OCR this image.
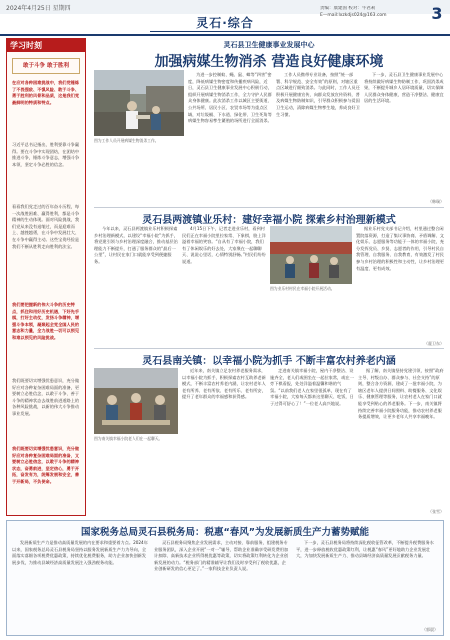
2024年4月25日 星期四
灵石·综合
责编：康建国 校对：牛君莉
E—mail:lxzkdjs024@163.com	3
学习时刻
敢于斗争 敢于胜利
在应对各种困难挑战中，我们党锤炼了不畏强敌、不惧风险、敢于斗争、勇于胜利的风骨和品质，这是我们党最鲜明的特质和特点。
习近平总书记指出，胜利要靠斗争赢得。要在斗争中实现团结，在团结中推进斗争，锤炼斗争意志，增强斗争本领，坚定斗争必胜的信念。
看看我们党走过的百年奋斗历程，每一次战胜困难、赢得胜利，都是斗争精神的生动体现。面对风险挑战，我们党从来没有退缩过，而是迎难而上、越挫越勇，在斗争中发展壮大、在斗争中赢得主动。这些宝贵经验是我们不断从胜利走向胜利的法宝。
我们要把握新的伟大斗争的历史特点，抓住和用好历史机遇，下好先手棋，打好主动仗，发扬斗争精神，增强斗争本领，凝聚起全党全国人民的意志和力量，全力战胜一切可以预见和难以预见的风险挑战。
我们既要切实增强忧患意识，充分做好应对各种复杂困难局面的准备，更要树立必胜信念，以敢于斗争、善于斗争的精神状态去战胜前进道路上的各种风险挑战，以新的伟大斗争推动事业发展。
我们既要切实增强忧患意识，充分做好应对各种复杂困难局面的准备，又要树立必胜信念，以敢于斗争的精神状态，奋勇前进，坚定信心，勇于开拓，奋发有为，统筹发展和安全，善于开新局，不负使命。
灵石县卫生健康事业发展中心
加强病媒生物消杀 营造良好健康环境
图为工作人员开展病媒生物消杀工作。
为进一步控制蚊、蝇、鼠、蟑等“四害”密度，降低病媒生物密度和传播疾病风险，近日，灵石县卫生健康事业发展中心积极行动，组织开展病媒生物消杀工作，全力守护人民群众身体健康。此次消杀工作以城区主要街道、公共场所、居民小区、农贸市场等为重点区域，对垃圾桶、下水道、绿化带、卫生死角等病媒生物容易孳生繁殖的场所进行全面消杀。
工作人员携带专业设备，按照“统一部署、科学规范、安全有效”的原则，对辖区重点区域进行细致消杀。与此同时，工作人员还积极开展健康宣传，向群众发放宣传资料，普及病媒生物防制知识，引导群众积极参与爱国卫生运动，清除病媒生物孳生地，养成良好卫生习惯。
下一步，灵石县卫生健康事业发展中心将持续做好病媒生物防制工作，巩固消杀成果，不断提升城乡人居环境质量，切实保障人民群众身体健康，营造干净整洁、健康宜居的生活环境。
（韩瑞）
灵石县两渡镇业乐村：建好幸福小院 探索乡村治理新模式
今年以来，灵石县两渡镇业乐村积极探索乡村治理新模式，以建设“幸福小院”为抓手，将党建引领与乡村治理深度融合，推动基层治理能力不断提升，打通了服务群众的“最后一公里”，让村民在家门口就能享受到便捷服务。
4月15日下午，记者走进业乐村，看到村民们正在幸福小院里拉家常、下象棋，脸上洋溢着幸福的笑容。“自从有了幸福小院，我们有了休闲娱乐的好去处，大家聚在一起聊聊天、说说心里话，心情特别舒畅。”村民们纷纷说道。
图为业乐村村民在幸福小院开展活动。
据业乐村党支部书记介绍，村里通过整合闲置院落资源，打造了集议事协商、矛盾调解、文化娱乐、志愿服务等功能于一体的幸福小院，充分发挥党员、乡贤、志愿者的作用，引导村民自我管理、自我服务、自我教育，有效激发了村民参与乡村治理的积极性和主动性，让乡村治理更有温度、更有成效。
（霍卫东）
灵石县南关镇：以幸福小院为抓手 不断丰富农村养老内涵
图为南关镇幸福小院老人们在一起聊天。
近年来，南关镇立足农村养老服务需求，以幸福小院为抓手，积极探索农村互助养老新模式，不断丰富农村养老内涵，让农村老年人老有所养、老有所依、老有所乐、老有所安，提升了老年群众的幸福感和获得感。
走进南关镇幸福小院，屋内干净整洁、设施齐全，老人们或围坐在一起拉家常，或在一旁下棋看报，处处洋溢着温馨和谐的气氛。“以前我们老人在家里很孤单，现在有了幸福小院，大家每天都来这里聊天、吃饭，日子过得可舒心了！”一位老人高兴地说。
据了解，南关镇坚持党建引领，按照“政府主导、村级自办、群众参与、社会支持”的原则，整合各方资源，建成了一批幸福小院，为辖区老年人提供日间照料、助餐服务、文化娱乐、健康管理等服务，让农村老人在家门口就能享受到贴心的养老服务。下一步，南关镇将持续完善幸福小院服务功能，推动农村养老服务提质增效，让更多老年人共享幸福晚年。
（张雪）
国家税务总局灵石县税务局：税惠“春风”为发展新质生产力蓄势赋能
发展新质生产力是推动高质量发展的内在要求和重要着力点。2024年以来，国家税务总局灵石县税务局坚持以服务发展新质生产力为导向，全面落实落细各项税费优惠政策，持续优化税费服务，助力企业加快创新发展步伐，为推动县域经济高质量发展注入强劲税务动能。
灵石县税务局聚焦企业发展需求，主动对接、靠前服务，组建税务专业服务团队，深入企业开展“一对一”辅导，帮助企业准确享受研发费用加计扣除、高新技术企业所得税优惠等政策，切实将政策红利转化为企业创新发展的动力。“税务部门的精准辅导让我们及时享受到了税收优惠，企业创新研发的信心更足了。”一家科技企业负责人说。
下一步，灵石县税务局将持续深化税收征管改革，不断提升税费服务水平，进一步释放税收优惠政策红利，让税惠“春风”更好地助力企业发展壮大，为加快发展新质生产力、推动县域经济高质量发展贡献税务力量。
（郭晨）
